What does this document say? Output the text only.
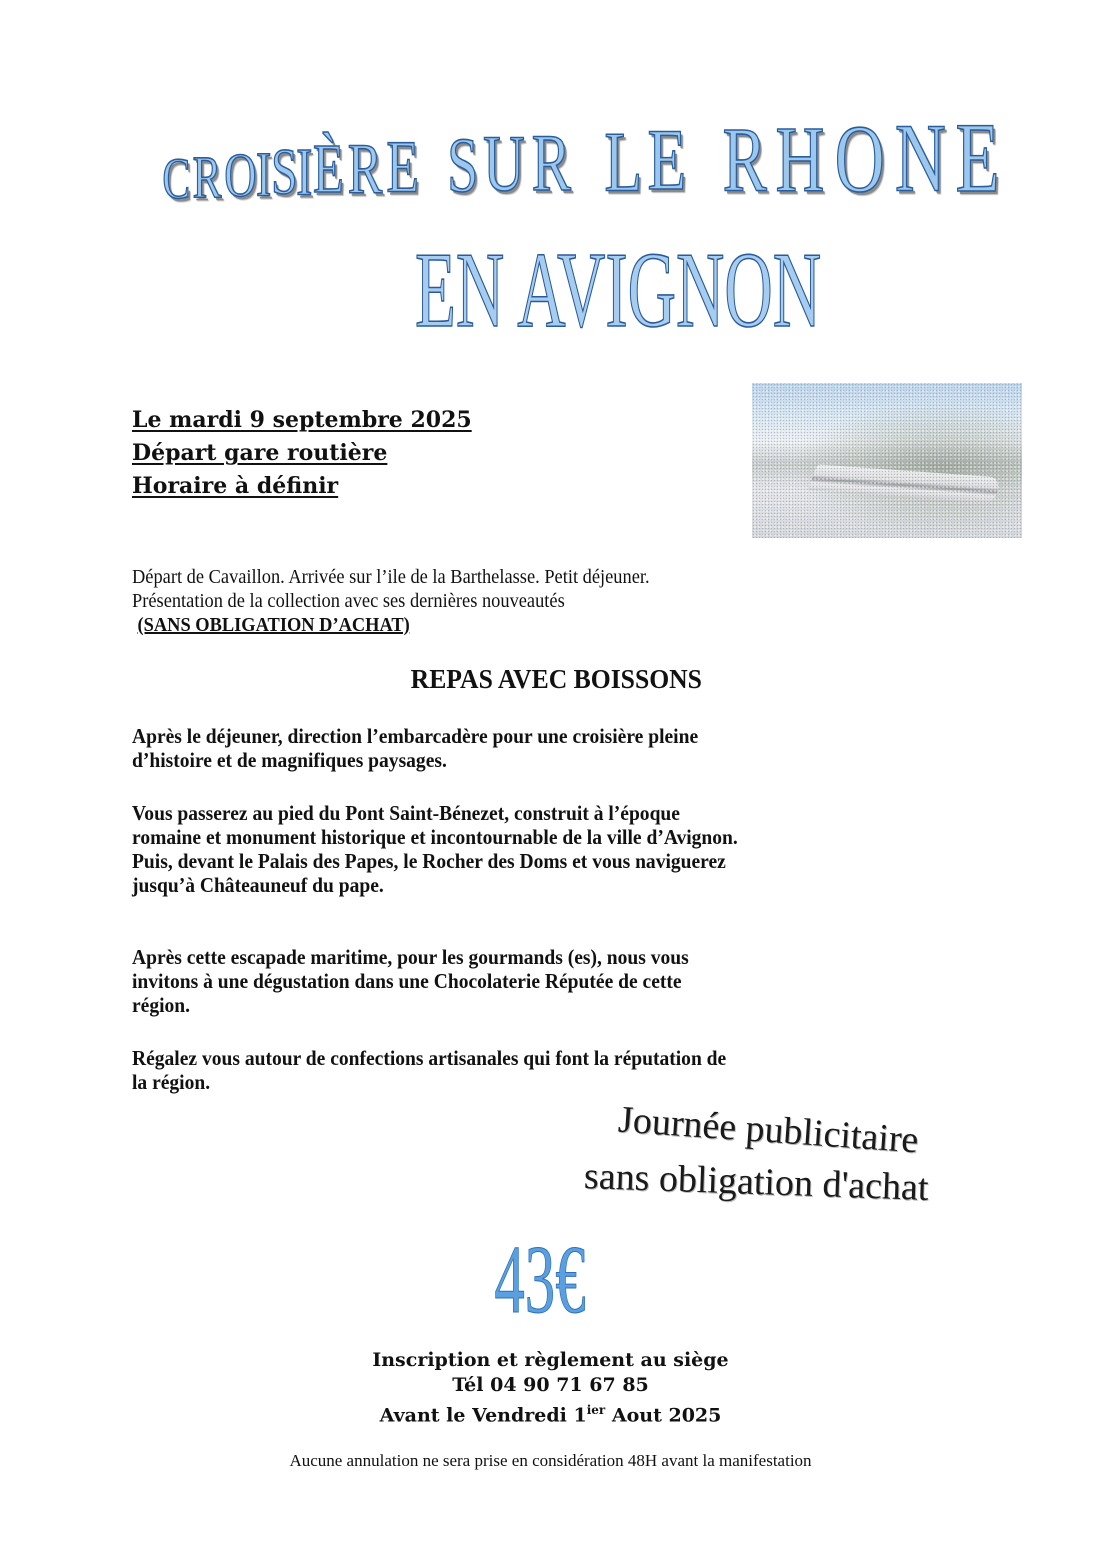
C R O I S I È R E
S U R
L E
R H O N E
EN AVIGNON
Le mardi 9 septembre 2025
Départ gare routière
Horaire à définir
Départ de Cavaillon. Arrivée sur l’ile de la Barthelasse. Petit déjeuner.
Présentation de la collection avec ses dernières nouveautés
(SANS OBLIGATION D’ACHAT)
REPAS AVEC BOISSONS
Après le déjeuner, direction l’embarcadère pour une croisière pleine
d’histoire et de magnifiques paysages.
Vous passerez au pied du Pont Saint-Bénezet, construit à l’époque
romaine et monument historique et incontournable de la ville d’Avignon.
Puis, devant le Palais des Papes, le Rocher des Doms et vous naviguerez
jusqu’à Châteauneuf du pape.
Après cette escapade maritime, pour les gourmands (es), nous vous
invitons à une dégustation dans une Chocolaterie Réputée de cette
région.
Régalez vous autour de confections artisanales qui font la réputation de
la région.
Journée publicitaire
sans obligation d'achat
43€
Inscription et règlement au siège
Tél 04 90 71 67 85
Avant le Vendredi $1^{ier}$ Aout 2025
Aucune annulation ne sera prise en considération 48H avant la manifestation
